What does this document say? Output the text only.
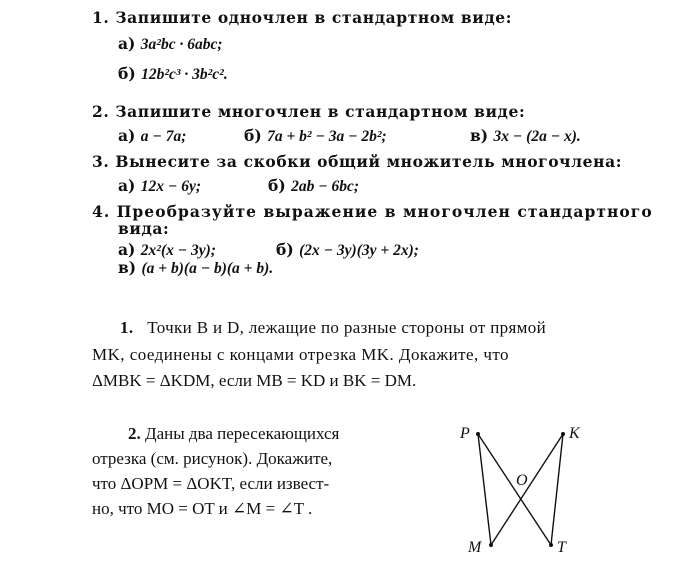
1. Запишите одночлен в стандартном виде:
а) 3a²bc · 6abc;
б) 12b²c³ · 3b²c².
2. Запишите многочлен в стандартном виде:
а) a − 7a;	б) 7a + b² − 3a − 2b²;	в) 3x − (2a − x).
3. Вынесите за скобки общий множитель многочлена:
а) 12x − 6y;	б) 2ab − 6bc;
4. Преобразуйте выражение в многочлен стандартного
вида:
а) 2x²(x − 3y);	б) (2x − 3y)(3y + 2x);
в) (a + b)(a − b)(a + b).
1. Точки B и D, лежащие по разные стороны от прямой
MK, соединены с концами отрезка MK. Докажите, что
ΔMBK = ΔKDM, если MB = KD и BK = DM.
2. Даны два пересекающихся
отрезка (см. рисунок). Докажите,
что ΔOPM = ΔOKT, если извест-
но, что MO = OT и ∠M = ∠T .
P	K
O
M	T
